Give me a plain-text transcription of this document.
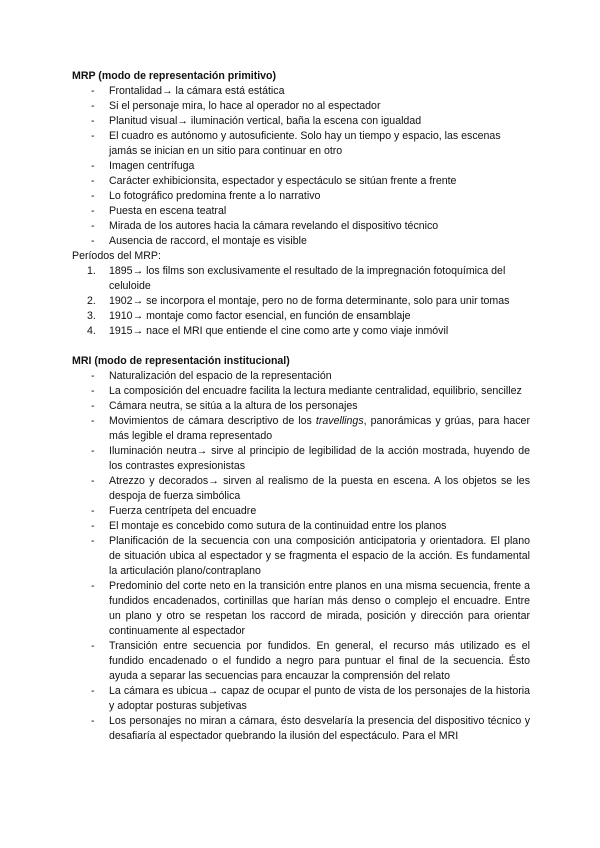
MRP (modo de representación primitivo)

- Frontalidad→ la cámara está estática
- Si el personaje mira, lo hace al operador no al espectador
- Planitud visual→ iluminación vertical, baña la escena con igualdad
- El cuadro es autónomo y autosuficiente. Solo hay un tiempo y espacio, las escenas jamás se inician en un sitio para continuar en otro
- Imagen centrífuga
- Carácter exhibicionsita, espectador y espectáculo se sitúan frente a frente
- Lo fotográfico predomina frente a lo narrativo
- Puesta en escena teatral
- Mirada de los autores hacia la cámara revelando el dispositivo técnico
- Ausencia de raccord, el montaje es visible

Períodos del MRP:

1. 1895→ los films son exclusivamente el resultado de la impregnación fotoquímica del celuloide
2. 1902→ se incorpora el montaje, pero no de forma determinante, solo para unir tomas
3. 1910→ montaje como factor esencial, en función de ensamblaje
4. 1915→ nace el MRI que entiende el cine como arte y como viaje inmóvil

MRI (modo de representación institucional)

- Naturalización del espacio de la representación
- La composición del encuadre facilita la lectura mediante centralidad, equilibrio, sencillez
- Cámara neutra, se sitúa a la altura de los personajes
- Movimientos de cámara descriptivo de los travellings, panorámicas y grúas, para hacer más legible el drama representado
- Iluminación neutra→ sirve al principio de legibilidad de la acción mostrada, huyendo de los contrastes expresionistas
- Atrezzo y decorados→ sirven al realismo de la puesta en escena. A los objetos se les despoja de fuerza simbólica
- Fuerza centrípeta del encuadre
- El montaje es concebido como sutura de la continuidad entre los planos
- Planificación de la secuencia con una composición anticipatoria y orientadora. El plano de situación ubica al espectador y se fragmenta el espacio de la acción. Es fundamental la articulación plano/contraplano
- Predominio del corte neto en la transición entre planos en una misma secuencia, frente a fundidos encadenados, cortinillas que harían más denso o complejo el encuadre. Entre un plano y otro se respetan los raccord de mirada, posición y dirección para orientar continuamente al espectador
- Transición entre secuencia por fundidos. En general, el recurso más utilizado es el fundido encadenado o el fundido a negro para puntuar el final de la secuencia. Ésto ayuda a separar las secuencias para encauzar la comprensión del relato
- La cámara es ubicua→ capaz de ocupar el punto de vista de los personajes de la historia y adoptar posturas subjetivas
- Los personajes no miran a cámara, ésto desvelaría la presencia del dispositivo técnico y desafiaría al espectador quebrando la ilusión del espectáculo. Para el MRI
